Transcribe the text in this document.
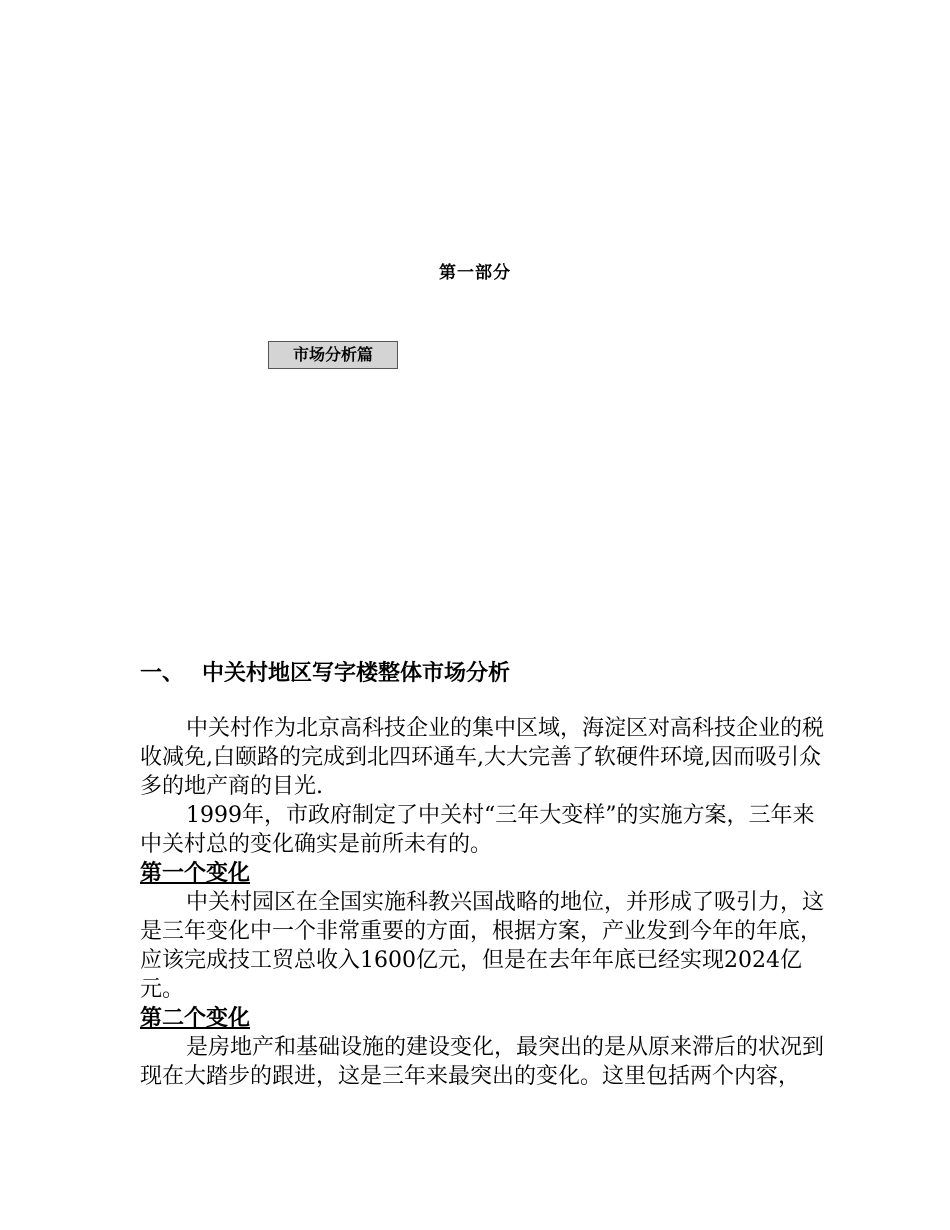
第一部分
市场分析篇
一、 中关村地区写字楼整体市场分析

中关村作为北京高科技企业的集中区域，海淀区对高科技企业的税收减免,白颐路的完成到北四环通车,大大完善了软硬件环境,因而吸引众多的地产商的目光.

1999年，市政府制定了中关村“三年大变样”的实施方案，三年来中关村总的变化确实是前所未有的。

第一个变化

中关村园区在全国实施科教兴国战略的地位，并形成了吸引力，这是三年变化中一个非常重要的方面，根据方案，产业发到今年的年底，应该完成技工贸总收入1600亿元，但是在去年年底已经实现2024亿元。

第二个变化

是房地产和基础设施的建设变化，最突出的是从原来滞后的状况到现在大踏步的跟进，这是三年来最突出的变化。这里包括两个内容，
